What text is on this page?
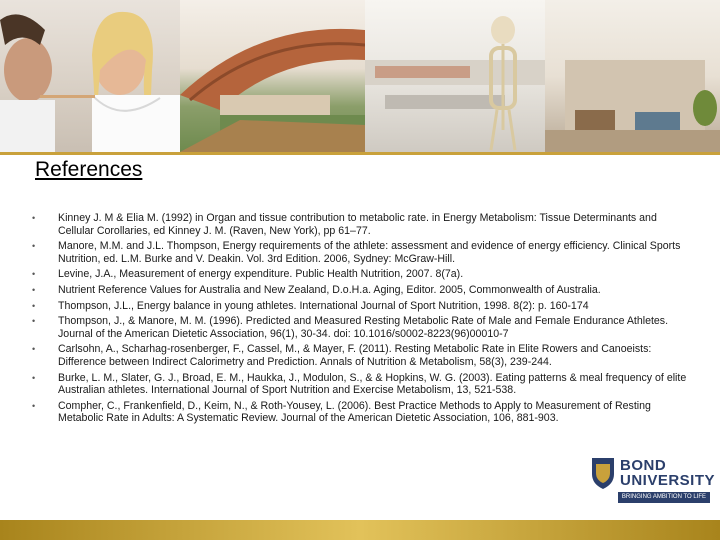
References
• Kinney J. M & Elia M. (1992) in Organ and tissue contribution to metabolic rate. in Energy Metabolism: Tissue Determinants and Cellular Corollaries, ed Kinney J. M. (Raven, New York), pp 61–77.
• Manore, M.M. and J.L. Thompson, Energy requirements of the athlete: assessment and evidence of energy efficiency. Clinical Sports Nutrition, ed. L.M. Burke and V. Deakin. Vol. 3rd Edition. 2006, Sydney: McGraw-Hill.
• Levine, J.A., Measurement of energy expenditure. Public Health Nutrition, 2007. 8(7a).
• Nutrient Reference Values for Australia and New Zealand, D.o.H.a. Aging, Editor. 2005, Commonwealth of Australia.
• Thompson, J.L., Energy balance in young athletes. International Journal of Sport Nutrition, 1998. 8(2): p. 160-174
• Thompson, J., & Manore, M. M. (1996). Predicted and Measured Resting Metabolic Rate of Male and Female Endurance Athletes. Journal of the American Dietetic Association, 96(1), 30-34. doi: 10.1016/s0002-8223(96)00010-7
• Carlsohn, A., Scharhag-rosenberger, F., Cassel, M., & Mayer, F. (2011). Resting Metabolic Rate in Elite Rowers and Canoeists: Difference between Indirect Calorimetry and Prediction. Annals of Nutrition & Metabolism, 58(3), 239-244.
• Burke, L. M., Slater, G. J., Broad, E. M., Haukka, J., Modulon, S., & & Hopkins, W. G. (2003). Eating patterns & meal frequency of elite Australian athletes. International Journal of Sport Nutrition and Exercise Metabolism, 13, 521-538.
• Compher, C., Frankenfield, D., Keim, N., & Roth-Yousey, L. (2006). Best Practice Methods to Apply to Measurement of Resting Metabolic Rate in Adults: A Systematic Review. Journal of the American Dietetic Association, 106, 881-903.
BOND
UNIVERSITY
BRINGING AMBITION TO LIFE
